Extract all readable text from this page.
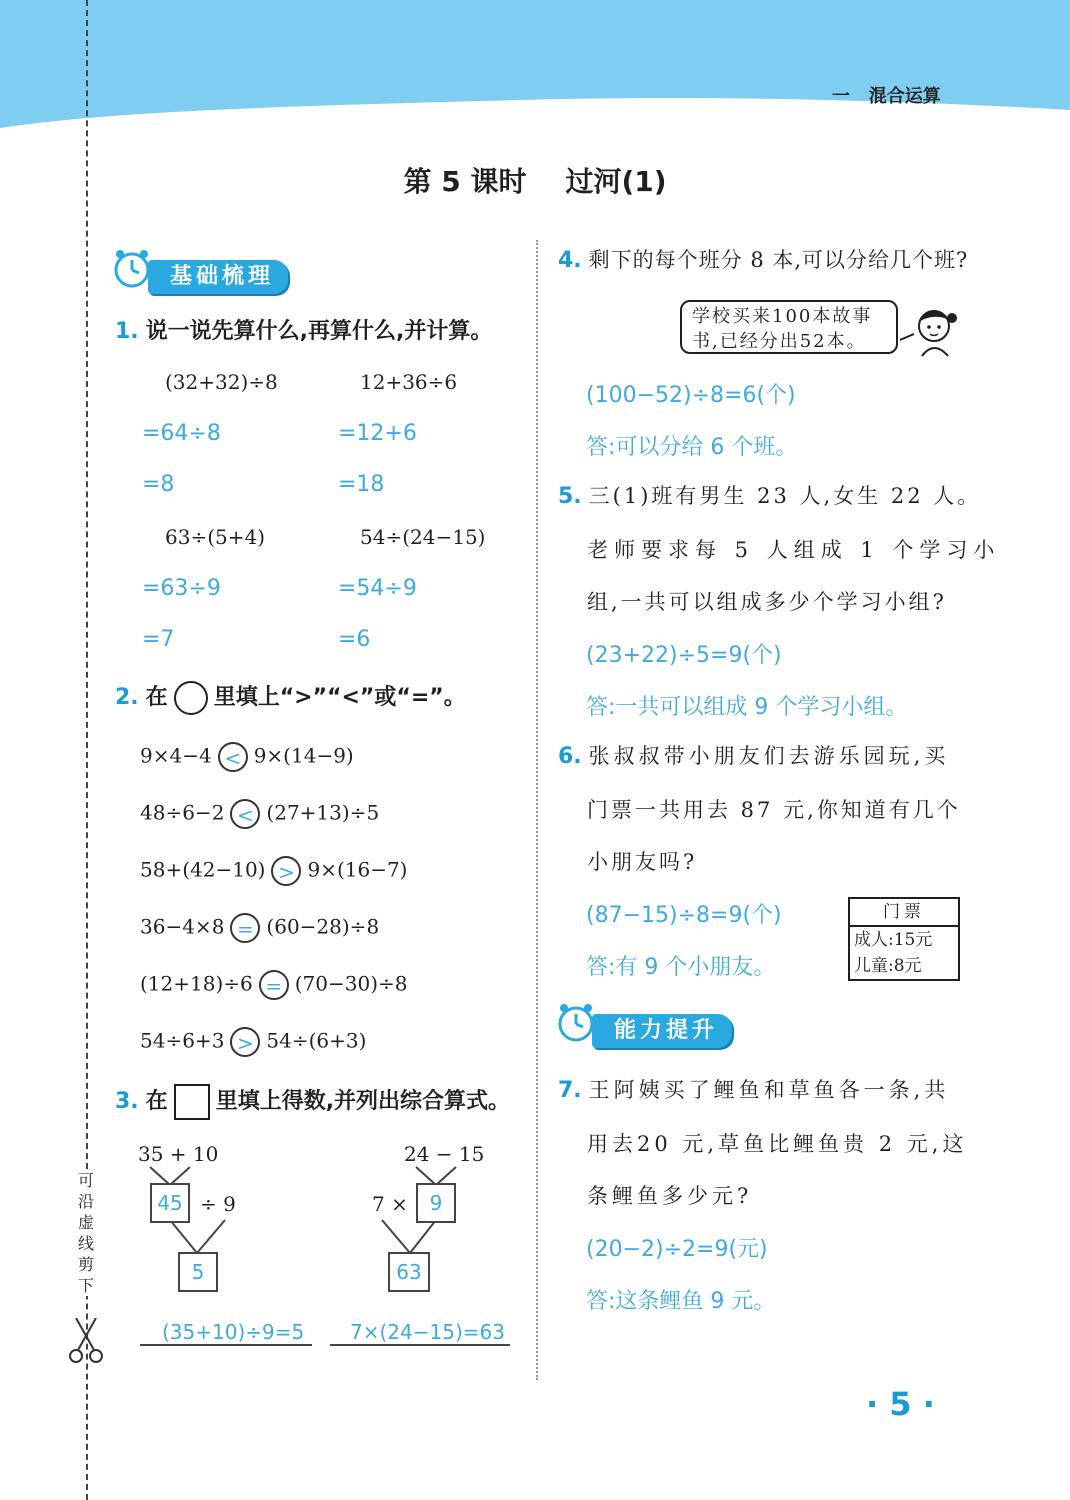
一   混合运算
可沿虚线剪下
第 5 课时    过河(1)
基础梳理
1. 说一说先算什么,再算什么,并计算。
(32+32)÷8
=64÷8
=8
12+36÷6
=12+6
=18
63÷(5+4)
=63÷9
=7
54÷(24−15)
=54÷9
=6
2. 在 里填上“>”“<”或“=”。
9×4−4 < 9×(14−9)
48÷6−2 < (27+13)÷5
58+(42−10) > 9×(16−7)
36−4×8 = (60−28)÷8
(12+18)÷6 = (70−30)÷8
54÷6+3 > 54÷(6+3)
3. 在 里填上得数,并列出综合算式。
35 + 10
45 ÷ 9
5
(35+10)÷9=5
24 − 15
7 ×	9
63
7×(24−15)=63
4. 剩下的每个班分 8 本,可以分给几个班?
学校买来100本故事
书,已经分出52本。
(100−52)÷8=6(个)
答:可以分给 6 个班。
5. 三(1)班有男生 23 人,女生 22 人。
老师要求每 5 人组成 1 个学习小
组,一共可以组成多少个学习小组?
(23+22)÷5=9(个)
答:一共可以组成 9 个学习小组。
6. 张叔叔带小朋友们去游乐园玩,买
门票一共用去 87 元,你知道有几个
小朋友吗?
(87−15)÷8=9(个)
答:有 9 个小朋友。
门票
成人:15元
儿童:8元
能力提升
7. 王阿姨买了鲤鱼和草鱼各一条,共
用去20 元,草鱼比鲤鱼贵 2 元,这
条鲤鱼多少元?
(20−2)÷2=9(元)
答:这条鲤鱼 9 元。
· 5 ·
